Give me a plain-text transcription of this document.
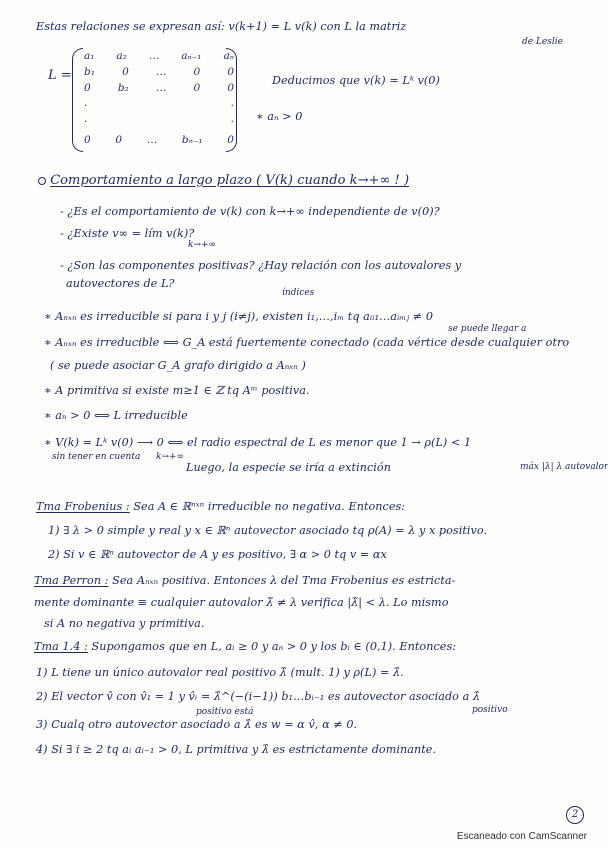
Estas relaciones se expresan así: v(k+1) = L v(k) con L la matriz
de Leslie
L =
a₁ a₂ … aₙ₋₁ aₙ
b₁	0	…	0	0
0	b₂	…	0	0
·	·
·	·
0 0 … bₙ₋₁ 0
Deducimos que v(k) = Lᵏ v(0)
∗ aₙ > 0
Comportamiento a largo plazo ( V(k) cuando k→+∞ ! )
- ¿Es el comportamiento de v(k) con k→+∞ independiente de v(0)?
- ¿Existe v∞ = lím v(k)?
k→+∞
- ¿Son las componentes positivas? ¿Hay relación con los autovalores y
autovectores de L?
índices
∗ Aₙₓₙ es irreducible si para i y j (i≠j), existen i₁,…,iₘ tq aᵢᵢ₁…aᵢₘⱼ ≠ 0
se puede llegar a
∗ Aₙₓₙ es irreducible ⟺ G_A está fuertemente conectado (cada vértice desde cualquier otro
( se puede asociar G_A grafo dirigido a Aₙₓₙ )
∗ A primitiva si existe m≥1 ∈ ℤ tq Aᵐ positiva.
∗ aₙ > 0 ⟺ L irreducible
∗ V(k) = Lᵏ v(0) ⟶ 0 ⟺ el radio espectral de L es menor que 1 → ρ(L) < 1
sin tener en cuenta k→+∞
Luego, la especie se iría a extinción	máx |λ| λ autovalor
Tma Frobenius : Sea A ∈ ℝⁿˣⁿ irreducible no negativa. Entonces:
1) ∃ λ > 0 simple y real y x ∈ ℝⁿ autovector asociado tq ρ(A) = λ y x positivo.
2) Si v ∈ ℝⁿ autovector de A y es positivo, ∃ α > 0 tq v = αx
Tma Perron : Sea Aₙₓₙ positiva. Entonces λ del Tma Frobenius es estricta-
mente dominante ≡ cualquier autovalor λ̃ ≠ λ verifica |λ̃| < λ. Lo mismo
si A no negativa y primitiva.
Tma 1.4 : Supongamos que en L, aᵢ ≥ 0 y aₙ > 0 y los bᵢ ∈ (0,1). Entonces:
1) L tiene un único autovalor real positivo λ̂ (mult. 1) y ρ(L) = λ̂.
2) El vector v̂ con v̂₁ = 1 y v̂ᵢ = λ̂^(−(i−1)) b₁…bᵢ₋₁ es autovector asociado a λ̂
positivo
positivo está
3) Cualq otro autovector asociado a λ̂ es w = α v̂, α ≠ 0.
4) Si ∃ i ≥ 2 tq aᵢ aᵢ₋₁ > 0, L primitiva y λ̂ es estrictamente dominante.
2
Escaneado con CamScanner
